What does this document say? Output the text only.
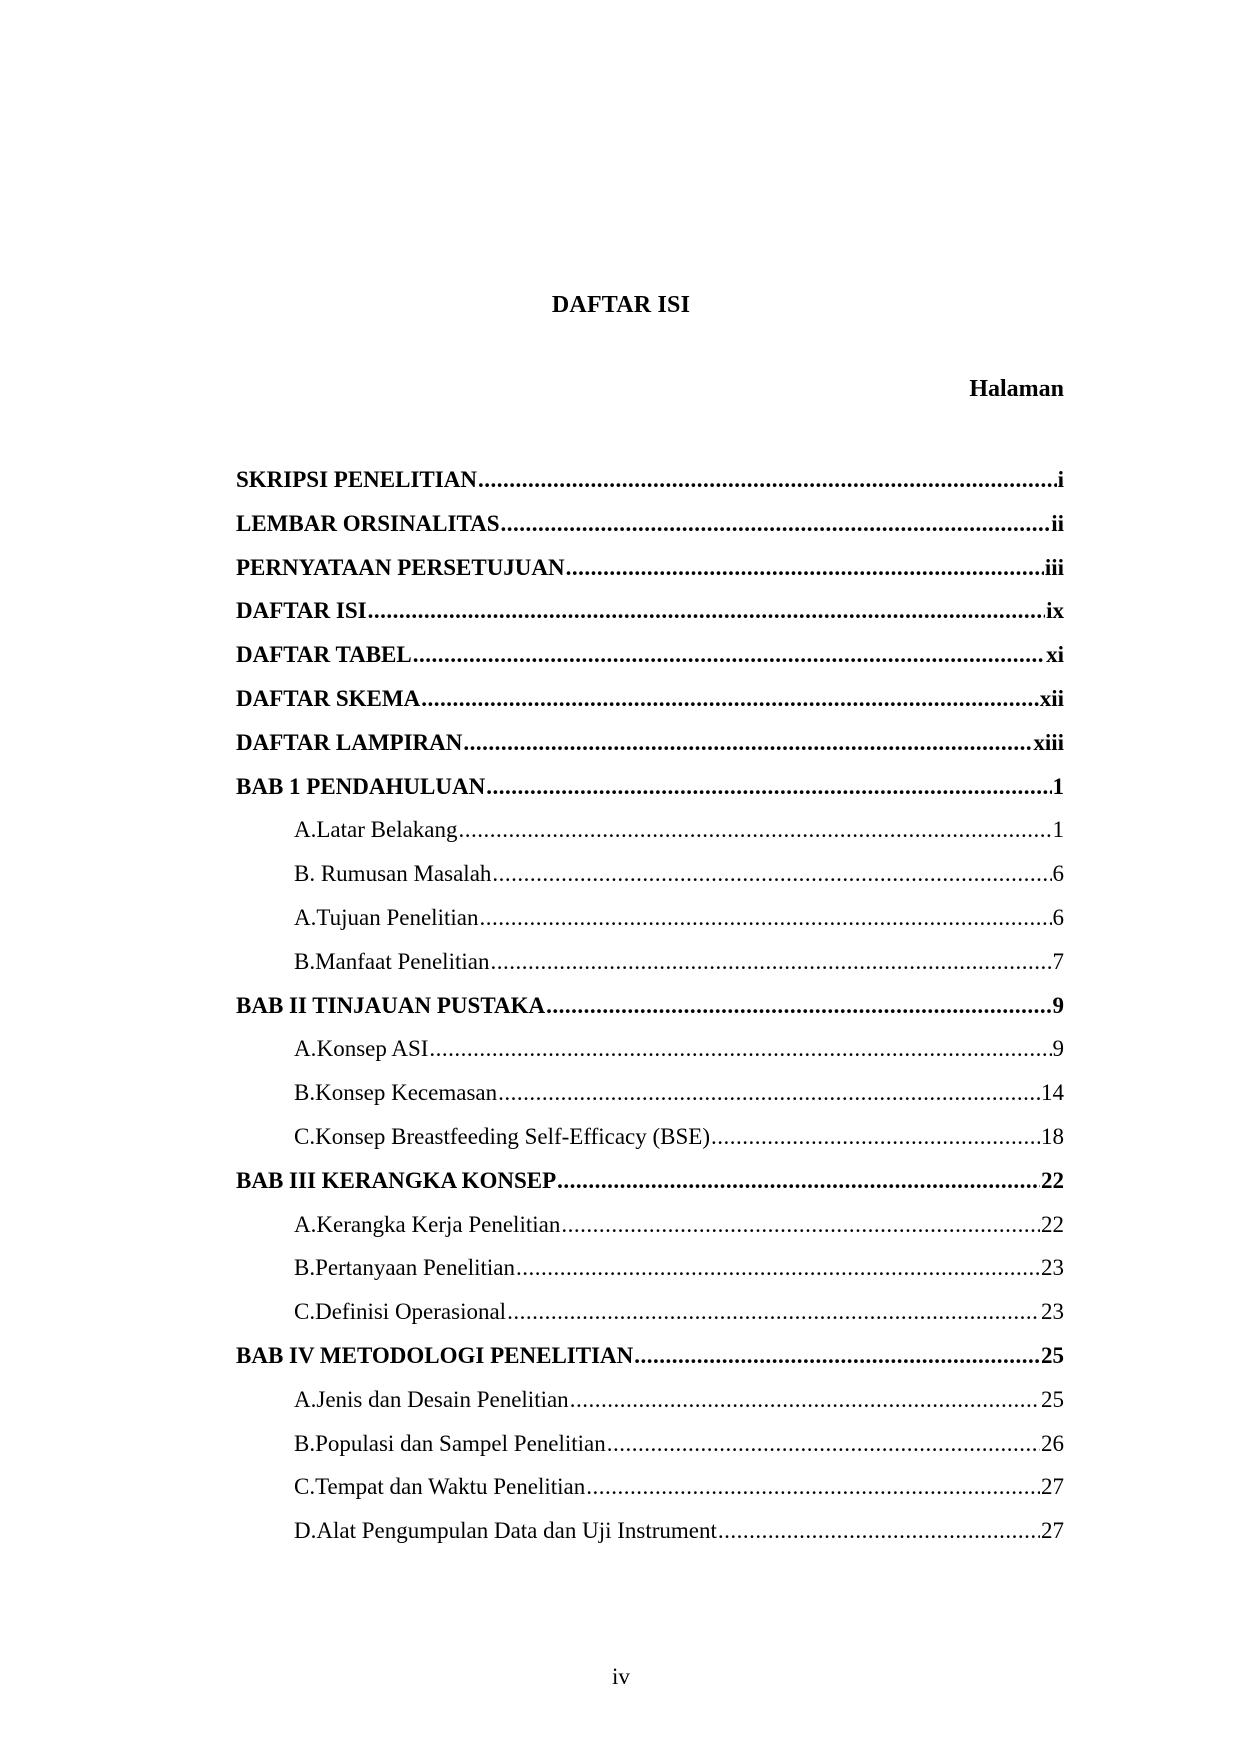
DAFTAR ISI
Halaman
SKRIPSI PENELITIAN .....	i
LEMBAR ORSINALITAS .....	ii
PERNYATAAN PERSETUJUAN .....	iii
DAFTAR ISI .....	ix
DAFTAR TABEL .....	xi
DAFTAR SKEMA .....	xii
DAFTAR LAMPIRAN .....	xiii
BAB 1 PENDAHULUAN .....	1
A. Latar Belakang .....	1
B. Rumusan Masalah .....	6
A. Tujuan Penelitian .....	6
B. Manfaat Penelitian .....	7
BAB II TINJAUAN PUSTAKA .....	9
A. Konsep ASI .....	9
B. Konsep Kecemasan .....	14
C. Konsep Breastfeeding Self-Efficacy (BSE) .....	18
BAB III KERANGKA KONSEP .....	22
A. Kerangka Kerja Penelitian .....	22
B. Pertanyaan Penelitian .....	23
C. Definisi Operasional .....	23
BAB IV METODOLOGI PENELITIAN .....	25
A. Jenis dan Desain Penelitian .....	25
B. Populasi dan Sampel Penelitian .....	26
C. Tempat dan Waktu Penelitian .....	27
D. Alat Pengumpulan Data dan Uji Instrument .....	27
iv
